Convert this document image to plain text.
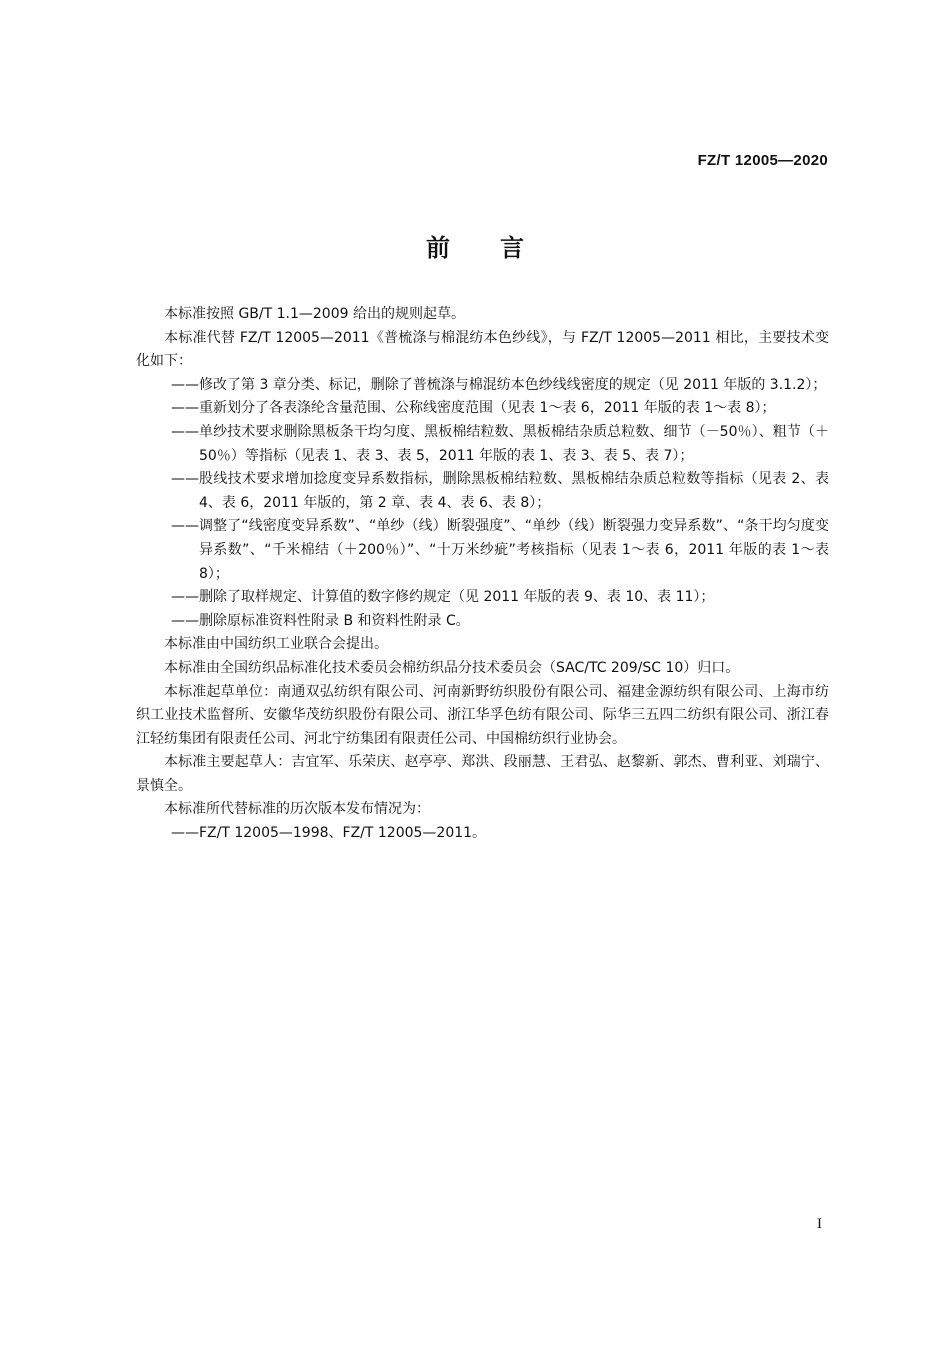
FZ/T 12005—2020
前言

本标准按照 GB/T 1.1—2009 给出的规则起草。

本标准代替 FZ/T 12005—2011《普梳涤与棉混纺本色纱线》，与 FZ/T 12005—2011 相比，主要技术变化如下：

—— 修改了第 3 章分类、标记，删除了普梳涤与棉混纺本色纱线线密度的规定（见 2011 年版的 3.1.2）；
—— 重新划分了各表涤纶含量范围、公称线密度范围（见表 1～表 6，2011 年版的表 1～表 8）；
—— 单纱技术要求删除黑板条干均匀度、黑板棉结粒数、黑板棉结杂质总粒数、细节（－50％）、粗节（＋50％）等指标（见表 1、表 3、表 5，2011 年版的表 1、表 3、表 5、表 7）；
—— 股线技术要求增加捻度变异系数指标，删除黑板棉结粒数、黑板棉结杂质总粒数等指标（见表 2、表 4、表 6，2011 年版的，第 2 章、表 4、表 6、表 8）；
—— 调整了“线密度变异系数”、“单纱（线）断裂强度”、“单纱（线）断裂强力变异系数”、“条干均匀度变异系数”、“千米棉结（＋200％）”、“十万米纱疵”考核指标（见表 1～表 6，2011 年版的表 1～表 8）；
—— 删除了取样规定、计算值的数字修约规定（见 2011 年版的表 9、表 10、表 11）；
—— 删除原标准资料性附录 B 和资料性附录 C。

本标准由中国纺织工业联合会提出。

本标准由全国纺织品标准化技术委员会棉纺织品分技术委员会（SAC/TC 209/SC 10）归口。

本标准起草单位：南通双弘纺织有限公司、河南新野纺织股份有限公司、福建金源纺织有限公司、上海市纺织工业技术监督所、安徽华茂纺织股份有限公司、浙江华孚色纺有限公司、际华三五四二纺织有限公司、浙江春江轻纺集团有限责任公司、河北宁纺集团有限责任公司、中国棉纺织行业协会。

本标准主要起草人：吉宜军、乐荣庆、赵亭亭、郑洪、段丽慧、王君弘、赵黎新、郭杰、曹利亚、刘瑞宁、景慎全。

本标准所代替标准的历次版本发布情况为：

—— FZ/T 12005—1998、FZ/T 12005—2011。
I
